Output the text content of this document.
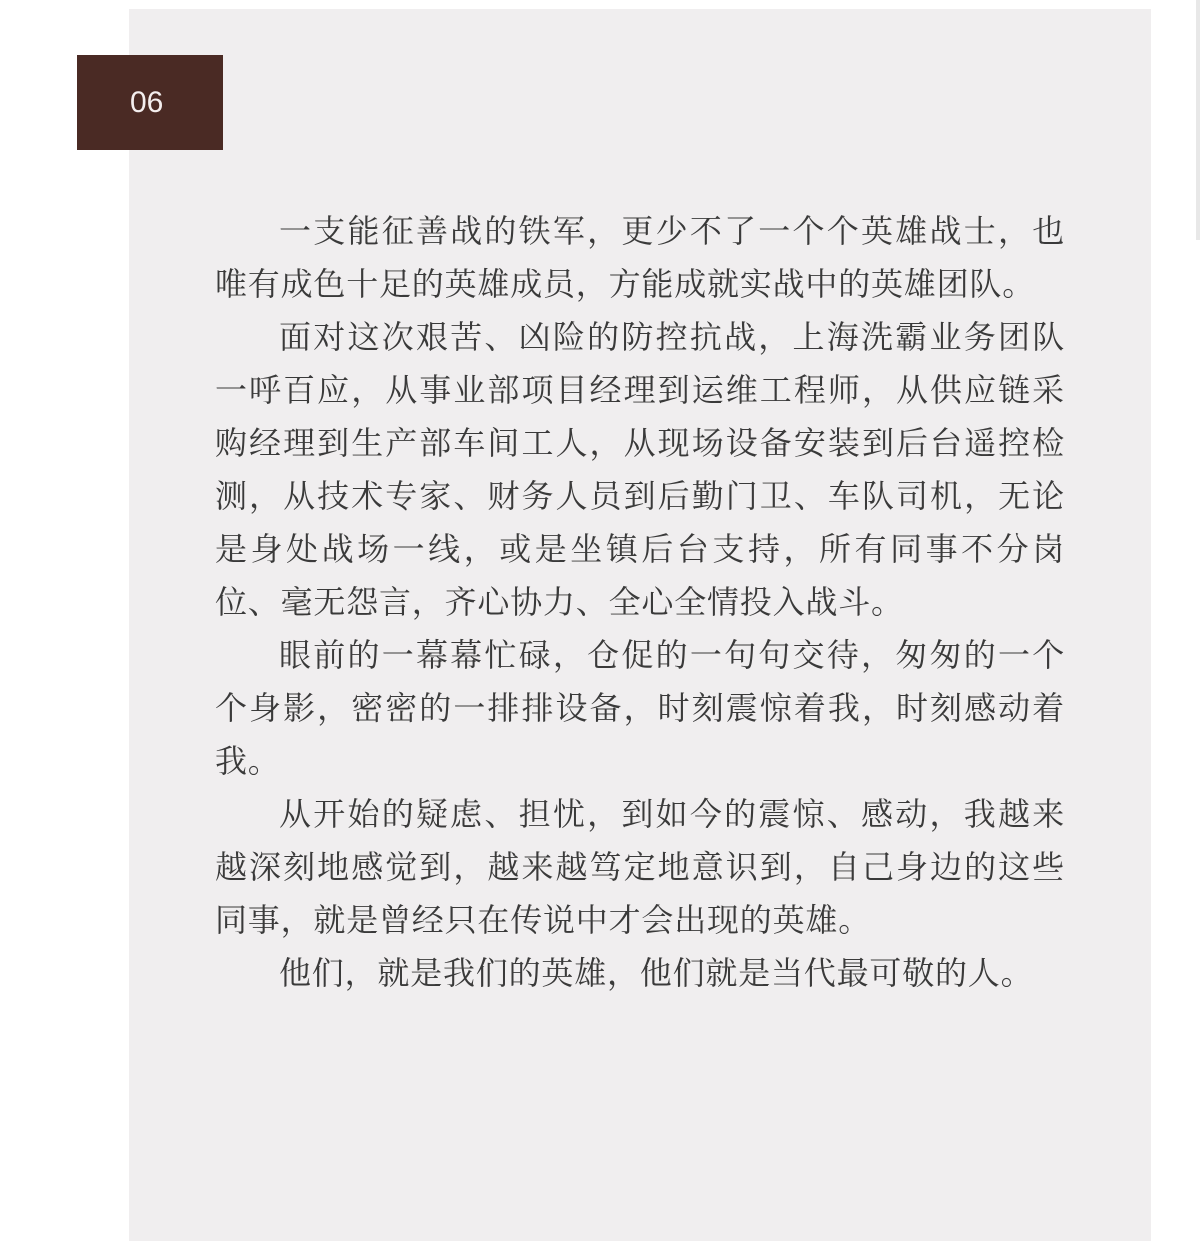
06

一支能征善战的铁军，更少不了一个个英雄战士，也唯有成色十足的英雄成员，方能成就实战中的英雄团队。

面对这次艰苦、凶险的防控抗战，上海洗霸业务团队一呼百应，从事业部项目经理到运维工程师，从供应链采购经理到生产部车间工人，从现场设备安装到后台遥控检测，从技术专家、财务人员到后勤门卫、车队司机，无论是身处战场一线，或是坐镇后台支持，所有同事不分岗位、毫无怨言，齐心协力、全心全情投入战斗。

眼前的一幕幕忙碌，仓促的一句句交待，匆匆的一个个身影，密密的一排排设备，时刻震惊着我，时刻感动着我。

从开始的疑虑、担忧，到如今的震惊、感动，我越来越深刻地感觉到，越来越笃定地意识到，自己身边的这些同事，就是曾经只在传说中才会出现的英雄。

他们，就是我们的英雄，他们就是当代最可敬的人。
